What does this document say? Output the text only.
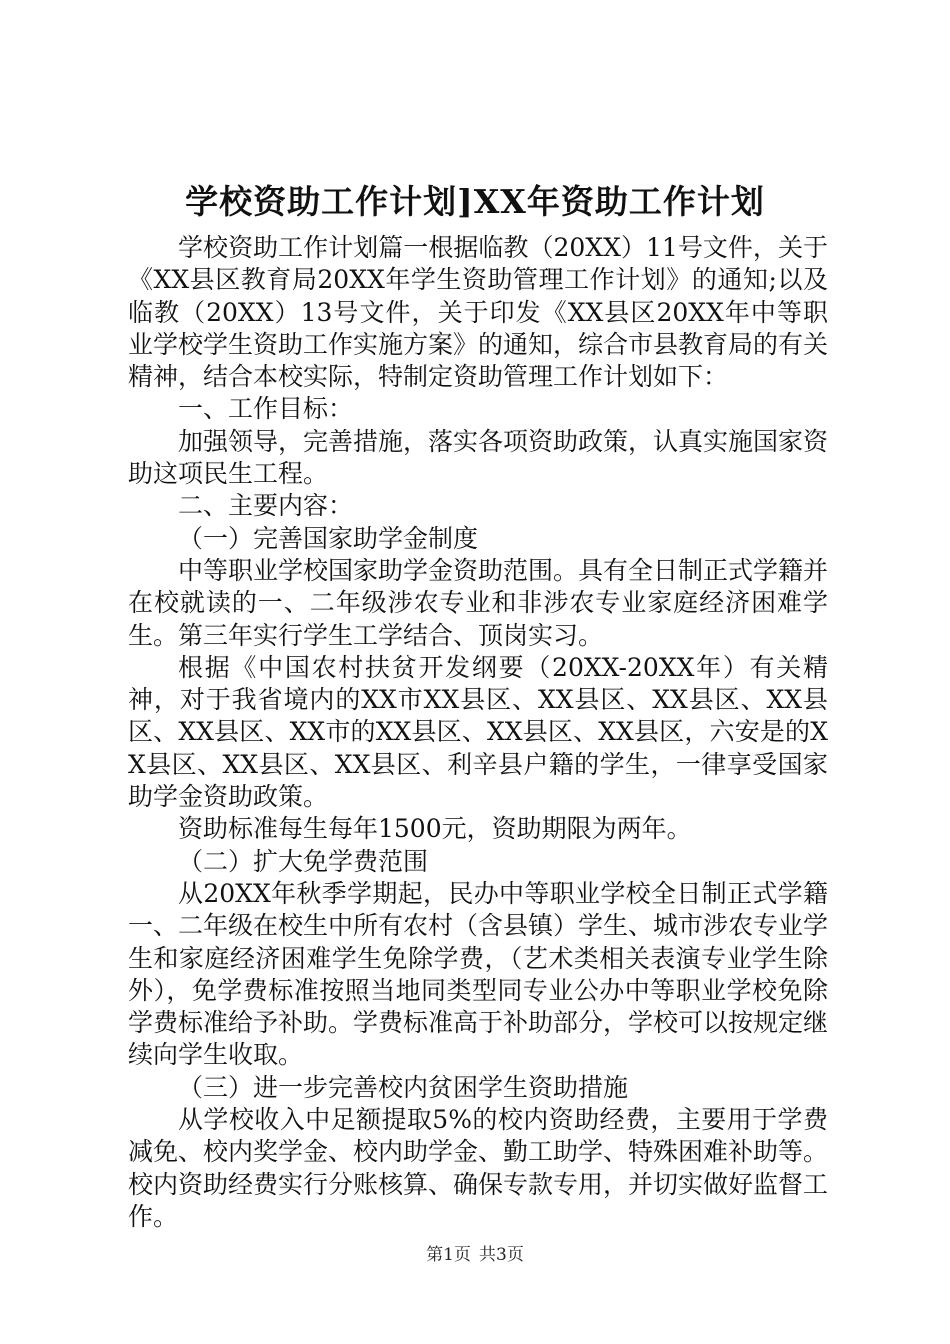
学校资助工作计划]XX年资助工作计划

学校资助工作计划篇一根据临教（20XX）11号文件，关于《XX县区教育局20XX年学生资助管理工作计划》的通知;以及临教（20XX）13号文件，关于印发《XX县区20XX年中等职业学校学生资助工作实施方案》的通知，综合市县教育局的有关精神，结合本校实际，特制定资助管理工作计划如下：

一、工作目标：

加强领导，完善措施，落实各项资助政策，认真实施国家资助这项民生工程。

二、主要内容：

（一）完善国家助学金制度

中等职业学校国家助学金资助范围。具有全日制正式学籍并在校就读的一、二年级涉农专业和非涉农专业家庭经济困难学生。第三年实行学生工学结合、顶岗实习。

根据《中国农村扶贫开发纲要（20XX-20XX年）有关精神，对于我省境内的XX市XX县区、XX县区、XX县区、XX县区、XX县区、XX市的XX县区、XX县区、XX县区，六安是的XX县区、XX县区、XX县区、利辛县户籍的学生，一律享受国家助学金资助政策。

资助标准每生每年1500元，资助期限为两年。

（二）扩大免学费范围

从20XX年秋季学期起，民办中等职业学校全日制正式学籍一、二年级在校生中所有农村（含县镇）学生、城市涉农专业学生和家庭经济困难学生免除学费，（艺术类相关表演专业学生除外），免学费标准按照当地同类型同专业公办中等职业学校免除学费标准给予补助。学费标准高于补助部分，学校可以按规定继续向学生收取。

（三）进一步完善校内贫困学生资助措施

从学校收入中足额提取5%的校内资助经费，主要用于学费减免、校内奖学金、校内助学金、勤工助学、特殊困难补助等。校内资助经费实行分账核算、确保专款专用，并切实做好监督工作。

第1页 共3页
